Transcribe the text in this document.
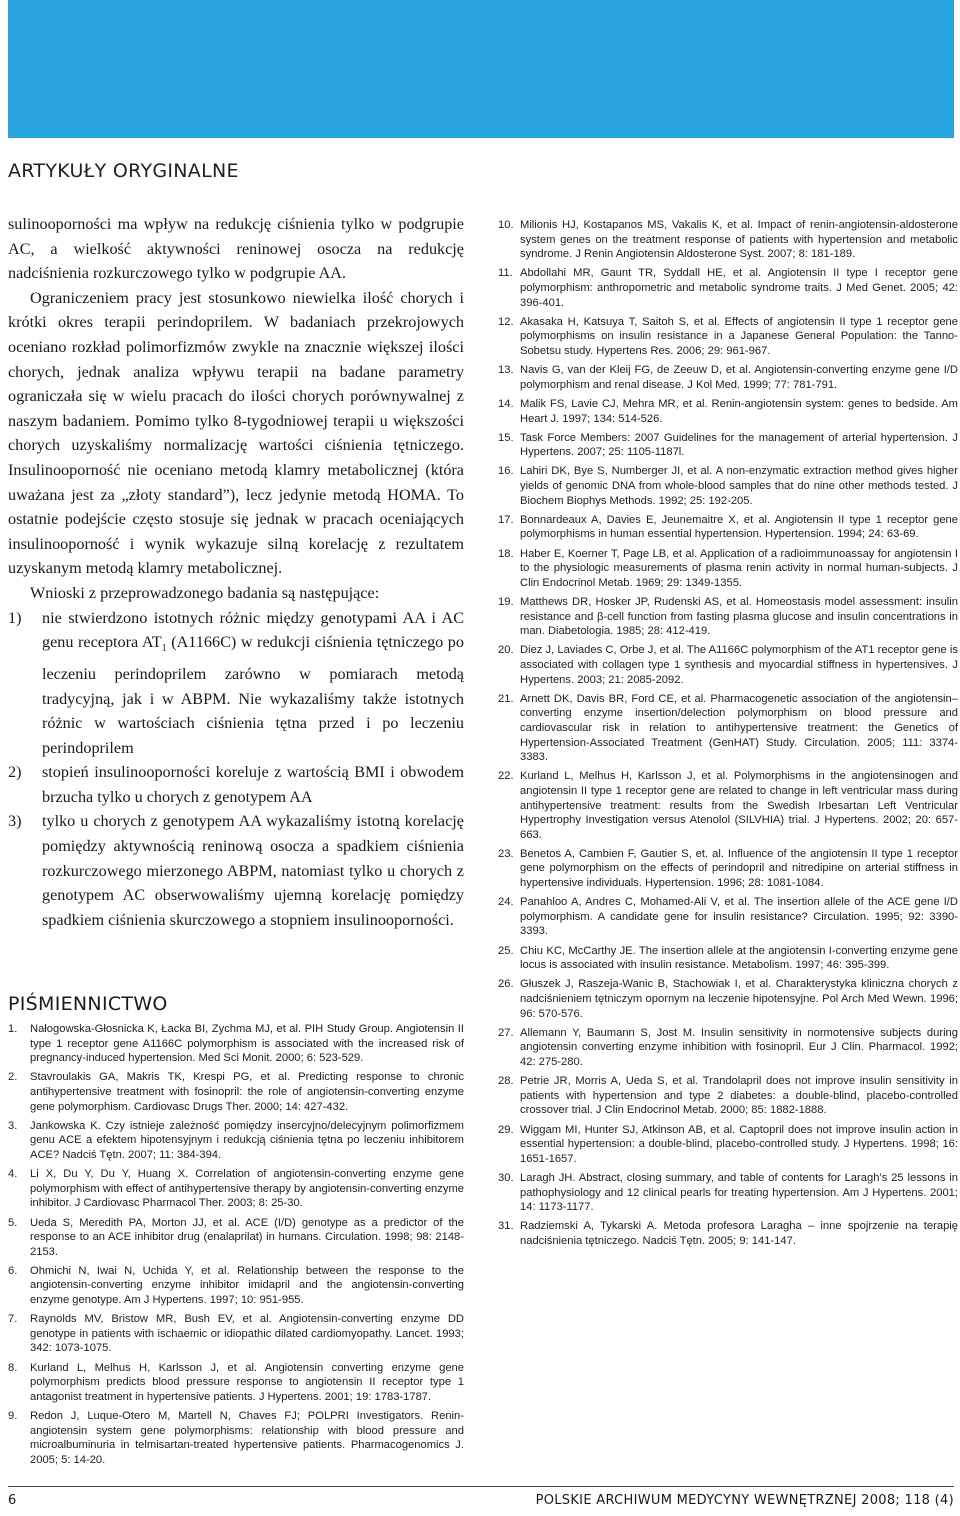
ARTYKUŁY ORYGINALNE

sulinooporności ma wpływ na redukcję ciśnienia tylko w podgrupie AC, a wielkość aktywności reninowej osocza na redukcję nadciśnienia rozkurczowego tylko w podgrupie AA.

Ograniczeniem pracy jest stosunkowo niewielka ilość chorych i krótki okres terapii perindoprilem. W badaniach przekrojowych oceniano rozkład polimorfizmów zwykle na znacznie większej ilości chorych, jednak analiza wpływu terapii na badane parametry ograniczała się w wielu pracach do ilości chorych porównywalnej z naszym badaniem. Pomimo tylko 8-tygodniowej terapii u większości chorych uzyskaliśmy normalizację wartości ciśnienia tętniczego. Insulinooporność nie oceniano metodą klamry metabolicznej (która uważana jest za „złoty standard”), lecz jedynie metodą HOMA. To ostatnie podejście często stosuje się jednak w pracach oceniających insulinooporność i wynik wykazuje silną korelację z rezultatem uzyskanym metodą klamry metabolicznej.

Wnioski z przeprowadzonego badania są następujące:

1) nie stwierdzono istotnych różnic między genotypami AA i AC genu receptora $AT_1$ (A1166C) w redukcji ciśnienia tętniczego po leczeniu perindoprilem zarówno w pomiarach metodą tradycyjną, jak i w ABPM. Nie wykazaliśmy także istotnych różnic w wartościach ciśnienia tętna przed i po leczeniu perindoprilem
2) stopień insulinooporności koreluje z wartością BMI i obwodem brzucha tylko u chorych z genotypem AA
3) tylko u chorych z genotypem AA wykazaliśmy istotną korelację pomiędzy aktywnością reninową osocza a spadkiem ciśnienia rozkurczowego mierzonego ABPM, natomiast tylko u chorych z genotypem AC obserwowaliśmy ujemną korelację pomiędzy spadkiem ciśnienia skurczowego a stopniem insulinooporności.
PIŚMIENNICTWO
1. Nałogowska-Głosnicka K, Łacka BI, Zychma MJ, et al. PIH Study Group. Angiotensin II type 1 receptor gene A1166C polymorphism is associated with the increased risk of pregnancy-induced hypertension. Med Sci Monit. 2000; 6: 523-529.
2. Stavroulakis GA, Makris TK, Krespi PG, et al. Predicting response to chronic antihypertensive treatment with fosinopril: the role of angiotensin-converting enzyme gene polymorphism. Cardiovasc Drugs Ther. 2000; 14: 427-432.
3. Jankowska K. Czy istnieje zależność pomiędzy insercyjno/delecyjnym polimorfizmem genu ACE a efektem hipotensyjnym i redukcją ciśnienia tętna po leczeniu inhibitorem ACE? Nadciś Tętn. 2007; 11: 384-394.
4. Li X, Du Y, Du Y, Huang X. Correlation of angiotensin-converting enzyme gene polymorphism with effect of antihypertensive therapy by angiotensin-converting enzyme inhibitor. J Cardiovasc Pharmacol Ther. 2003; 8: 25-30.
5. Ueda S, Meredith PA, Morton JJ, et al. ACE (I/D) genotype as a predictor of the response to an ACE inhibitor drug (enalaprilat) in humans. Circulation. 1998; 98: 2148-2153.
6. Ohmichi N, Iwai N, Uchida Y, et al. Relationship between the response to the angiotensin-converting enzyme inhibitor imidapril and the angiotensin-converting enzyme genotype. Am J Hypertens. 1997; 10: 951-955.
7. Raynolds MV, Bristow MR, Bush EV, et al. Angiotensin-converting enzyme DD genotype in patients with ischaemic or idiopathic dilated cardiomyopathy. Lancet. 1993; 342: 1073-1075.
8. Kurland L, Melhus H, Karlsson J, et al. Angiotensin converting enzyme gene polymorphism predicts blood pressure response to angiotensin II receptor type 1 antagonist treatment in hypertensive patients. J Hypertens. 2001; 19: 1783-1787.
9. Redon J, Luque-Otero M, Martell N, Chaves FJ; POLPRI Investigators. Renin-angiotensin system gene polymorphisms: relationship with blood pressure and microalbuminuria in telmisartan-treated hypertensive patients. Pharmacogenomics J. 2005; 5: 14-20.
10. Milionis HJ, Kostapanos MS, Vakalis K, et al. Impact of renin-angiotensin-aldosterone system genes on the treatment response of patients with hypertension and metabolic syndrome. J Renin Angiotensin Aldosterone Syst. 2007; 8: 181-189.
11. Abdollahi MR, Gaunt TR, Syddall HE, et al. Angiotensin II type I receptor gene polymorphism: anthropometric and metabolic syndrome traits. J Med Genet. 2005; 42: 396-401.
12. Akasaka H, Katsuya T, Saitoh S, et al. Effects of angiotensin II type 1 receptor gene polymorphisms on insulin resistance in a Japanese General Population: the Tanno-Sobetsu study. Hypertens Res. 2006; 29: 961-967.
13. Navis G, van der Kleij FG, de Zeeuw D, et al. Angiotensin-converting enzyme gene I/D polymorphism and renal disease. J Kol Med. 1999; 77: 781-791.
14. Malik FS, Lavie CJ, Mehra MR, et al. Renin-angiotensin system: genes to bedside. Am Heart J. 1997; 134: 514-526.
15. Task Force Members: 2007 Guidelines for the management of arterial hypertension. J Hypertens. 2007; 25: 1105-1187l.
16. Lahiri DK, Bye S, Numberger JI, et al. A non-enzymatic extraction method gives higher yields of genomic DNA from whole-blood samples that do nine other methods tested. J Biochem Biophys Methods. 1992; 25: 192-205.
17. Bonnardeaux A, Davies E, Jeunemaitre X, et al. Angiotensin II type 1 receptor gene polymorphisms in human essential hypertension. Hypertension. 1994; 24: 63-69.
18. Haber E, Koerner T, Page LB, et al. Application of a radioimmunoassay for angiotensin I to the physiologic measurements of plasma renin activity in normal human-subjects. J Clin Endocrinol Metab. 1969; 29: 1349-1355.
19. Matthews DR, Hosker JP, Rudenski AS, et al. Homeostasis model assessment: insulin resistance and β-cell function from fasting plasma glucose and insulin concentrations in man. Diabetologia. 1985; 28: 412-419.
20. Diez J, Laviades C, Orbe J, et al. The A1166C polymorphism of the AT1 receptor gene is associated with collagen type 1 synthesis and myocardial stiffness in hypertensives. J Hypertens. 2003; 21: 2085-2092.
21. Arnett DK, Davis BR, Ford CE, et al. Pharmacogenetic association of the angiotensin–converting enzyme insertion/delection polymorphism on blood pressure and cardiovascular risk in relation to antihypertensive treatment: the Genetics of Hypertension-Associated Treatment (GenHAT) Study. Circulation. 2005; 111: 3374-3383.
22. Kurland L, Melhus H, Karlsson J, et al. Polymorphisms in the angiotensinogen and angiotensin II type 1 receptor gene are related to change in left ventricular mass during antihypertensive treatment: results from the Swedish Irbesartan Left Ventricular Hypertrophy Investigation versus Atenolol (SILVHIA) trial. J Hypertens. 2002; 20: 657-663.
23. Benetos A, Cambien F, Gautier S, et. al. Influence of the angiotensin II type 1 receptor gene polymorphism on the effects of perindopril and nitredipine on arterial stiffness in hypertensive individuals. Hypertension. 1996; 28: 1081-1084.
24. Panahloo A, Andres C, Mohamed-Ali V, et al. The insertion allele of the ACE gene I/D polymorphism. A candidate gene for insulin resistance? Circulation. 1995; 92: 3390-3393.
25. Chiu KC, McCarthy JE. The insertion allele at the angiotensin I-converting enzyme gene locus is associated with insulin resistance. Metabolism. 1997; 46: 395-399.
26. Głuszek J, Raszeja-Wanic B, Stachowiak I, et al. Charakterystyka kliniczna chorych z nadciśnieniem tętniczym opornym na leczenie hipotensyjne. Pol Arch Med Wewn. 1996; 96: 570-576.
27. Allemann Y, Baumann S, Jost M. Insulin sensitivity in normotensive subjects during angiotensin converting enzyme inhibition with fosinopril. Eur J Clin. Pharmacol. 1992; 42: 275-280.
28. Petrie JR, Morris A, Ueda S, et al. Trandolapril does not improve insulin sensitivity in patients with hypertension and type 2 diabetes: a double-blind, placebo-controlled crossover trial. J Clin Endocrinol Metab. 2000; 85: 1882-1888.
29. Wiggam MI, Hunter SJ, Atkinson AB, et al. Captopril does not improve insulin action in essential hypertension: a double-blind, placebo-controlled study. J Hypertens. 1998; 16: 1651-1657.
30. Laragh JH. Abstract, closing summary, and table of contents for Laragh’s 25 lessons in pathophysiology and 12 clinical pearls for treating hypertension. Am J Hypertens. 2001; 14: 1173-1177.
31. Radziemski A, Tykarski A. Metoda profesora Laragha – inne spojrzenie na terapię nadciśnienia tętniczego. Nadciś Tętn. 2005; 9: 141-147.
6	POLSKIE ARCHIWUM MEDYCYNY WEWNĘTRZNEJ 2008; 118 (4)
